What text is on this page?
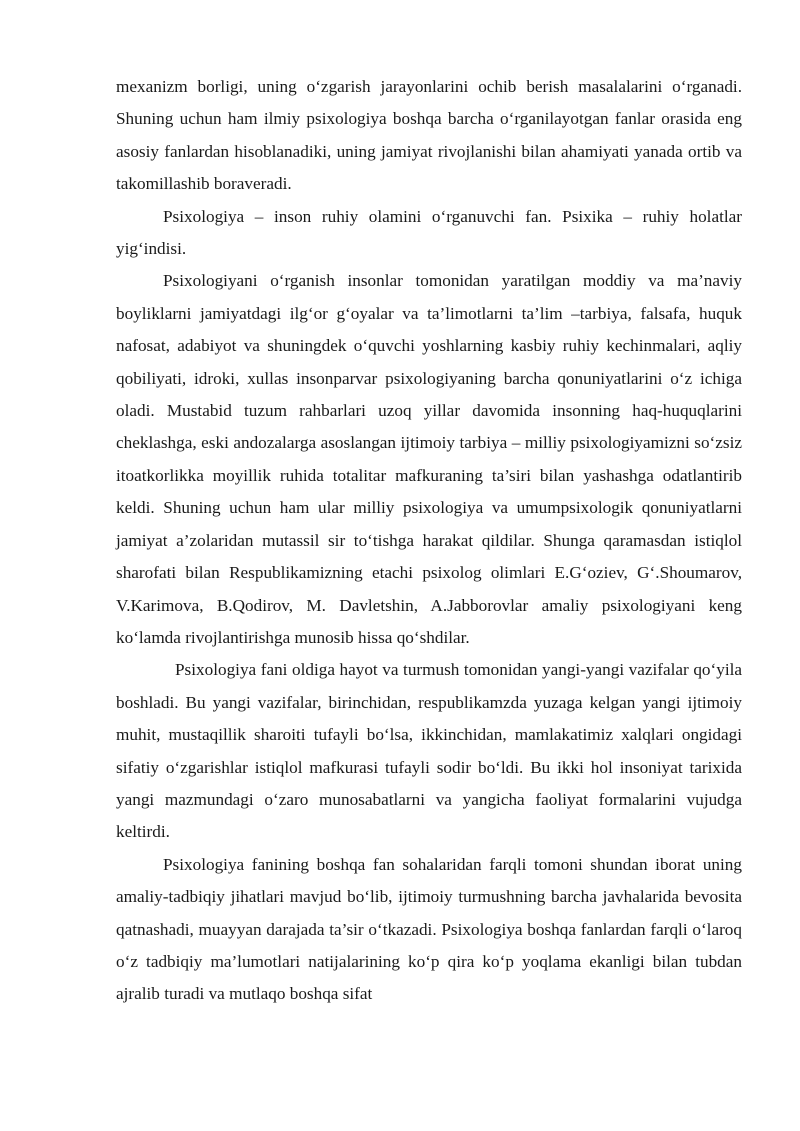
mexanizm borligi, uning o‘zgarish jarayonlarini ochib berish masalalarini o‘rganadi. Shuning uchun ham ilmiy psixologiya boshqa barcha o‘rganilayotgan fanlar orasida eng asosiy fanlardan hisoblanadiki, uning jamiyat rivojlanishi bilan ahamiyati yanada ortib va takomillashib boraveradi.

Psixologiya – inson ruhiy olamini o‘rganuvchi fan. Psixika – ruhiy holatlar yig‘indisi.

Psixologiyani o‘rganish insonlar tomonidan yaratilgan moddiy va ma’naviy boyliklarni jamiyatdagi ilg‘or g‘oyalar va ta’limotlarni ta’lim –tarbiya, falsafa, huquk nafosat, adabiyot va shuningdek o‘quvchi yoshlarning kasbiy ruhiy kechinmalari, aqliy qobiliyati, idroki, xullas insonparvar psixologiyaning barcha qonuniyatlarini o‘z ichiga oladi. Mustabid tuzum rahbarlari uzoq yillar davomida insonning haq-huquqlarini cheklashga, eski andozalarga asoslangan ijtimoiy tarbiya – milliy psixologiyamizni so‘zsiz itoatkorlikka moyillik ruhida totalitar mafkuraning ta’siri bilan yashashga odatlantirib keldi. Shuning uchun ham ular milliy psixologiya va umumpsixologik qonuniyatlarni jamiyat a’zolaridan mutassil sir to‘tishga harakat qildilar. Shunga qaramasdan istiqlol sharofati bilan Respublikamizning etachi psixolog olimlari E.G‘oziev, G‘.Shoumarov, V.Karimova, B.Qodirov, M. Davletshin, A.Jabborovlar amaliy psixologiyani keng ko‘lamda rivojlantirishga munosib hissa qo‘shdilar.

Psixologiya fani oldiga hayot va turmush tomonidan yangi-yangi vazifalar qo‘yila boshladi. Bu yangi vazifalar, birinchidan, respublikamzda yuzaga kelgan yangi ijtimoiy muhit, mustaqillik sharoiti tufayli bo‘lsa, ikkinchidan, mamlakatimiz xalqlari ongidagi sifatiy o‘zgarishlar istiqlol mafkurasi tufayli sodir bo‘ldi. Bu ikki hol insoniyat tarixida yangi mazmundagi o‘zaro munosabatlarni va yangicha faoliyat formalarini vujudga keltirdi.

Psixologiya fanining boshqa fan sohalaridan farqli tomoni shundan iborat uning amaliy-tadbiqiy jihatlari mavjud bo‘lib, ijtimoiy turmushning barcha javhalarida bevosita qatnashadi, muayyan darajada ta’sir o‘tkazadi. Psixologiya boshqa fanlardan farqli o‘laroq o‘z tadbiqiy ma’lumotlari natijalarining ko‘p qira ko‘p yoqlama ekanligi bilan tubdan ajralib turadi va mutlaqo boshqa sifat
